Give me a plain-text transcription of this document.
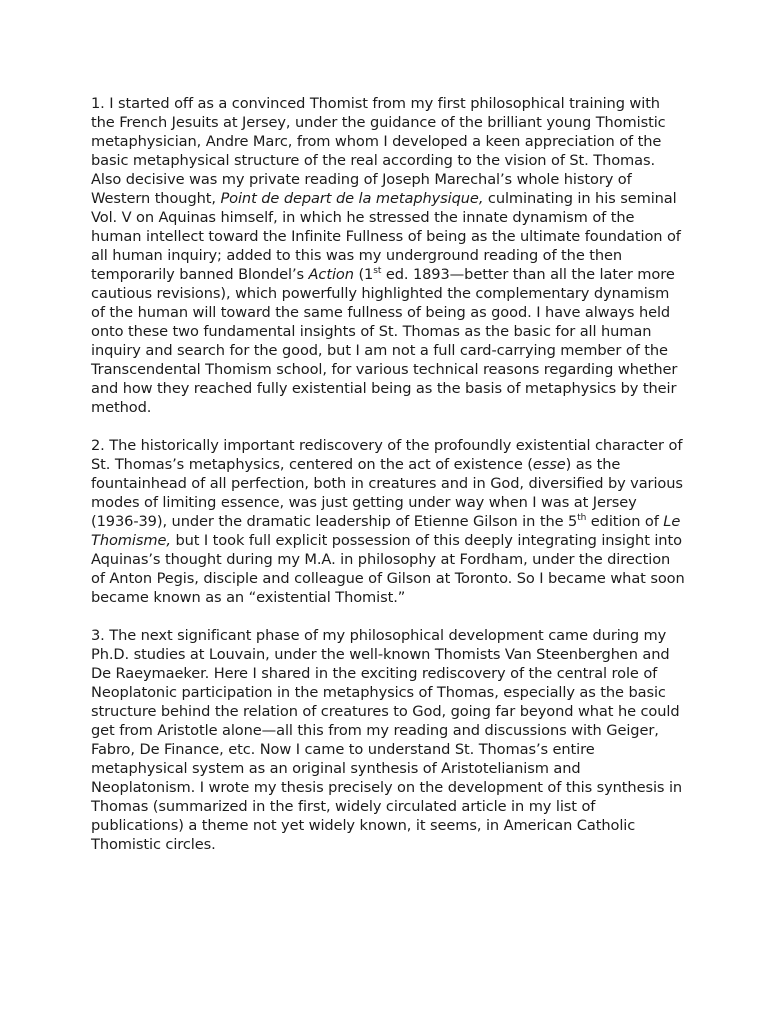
1. I started off as a convinced Thomist from my first philosophical training with the French Jesuits at Jersey, under the guidance of the brilliant young Thomistic metaphysician, Andre Marc, from whom I developed a keen appreciation of the basic metaphysical structure of the real according to the vision of St. Thomas. Also decisive was my private reading of Joseph Marechal’s whole history of Western thought, Point de depart de la metaphysique, culminating in his seminal Vol. V on Aquinas himself, in which he stressed the innate dynamism of the human intellect toward the Infinite Fullness of being as the ultimate foundation of all human inquiry; added to this was my underground reading of the then temporarily banned Blondel’s Action (1st ed. 1893—better than all the later more cautious revisions), which powerfully highlighted the complementary dynamism of the human will toward the same fullness of being as good. I have always held onto these two fundamental insights of St. Thomas as the basic for all human inquiry and search for the good, but I am not a full card-carrying member of the Transcendental Thomism school, for various technical reasons regarding whether and how they reached fully existential being as the basis of metaphysics by their method.

2. The historically important rediscovery of the profoundly existential character of St. Thomas’s metaphysics, centered on the act of existence (esse) as the fountainhead of all perfection, both in creatures and in God, diversified by various modes of limiting essence, was just getting under way when I was at Jersey (1936-39), under the dramatic leadership of Etienne Gilson in the 5th edition of Le Thomisme, but I took full explicit possession of this deeply integrating insight into Aquinas’s thought during my M.A. in philosophy at Fordham, under the direction of Anton Pegis, disciple and colleague of Gilson at Toronto. So I became what soon became known as an “existential Thomist.”

3. The next significant phase of my philosophical development came during my Ph.D. studies at Louvain, under the well-known Thomists Van Steenberghen and De Raeymaeker. Here I shared in the exciting rediscovery of the central role of Neoplatonic participation in the metaphysics of Thomas, especially as the basic structure behind the relation of creatures to God, going far beyond what he could get from Aristotle alone—all this from my reading and discussions with Geiger, Fabro, De Finance, etc. Now I came to understand St. Thomas’s entire metaphysical system as an original synthesis of Aristotelianism and Neoplatonism. I wrote my thesis precisely on the development of this synthesis in Thomas (summarized in the first, widely circulated article in my list of publications) a theme not yet widely known, it seems, in American Catholic Thomistic circles.
